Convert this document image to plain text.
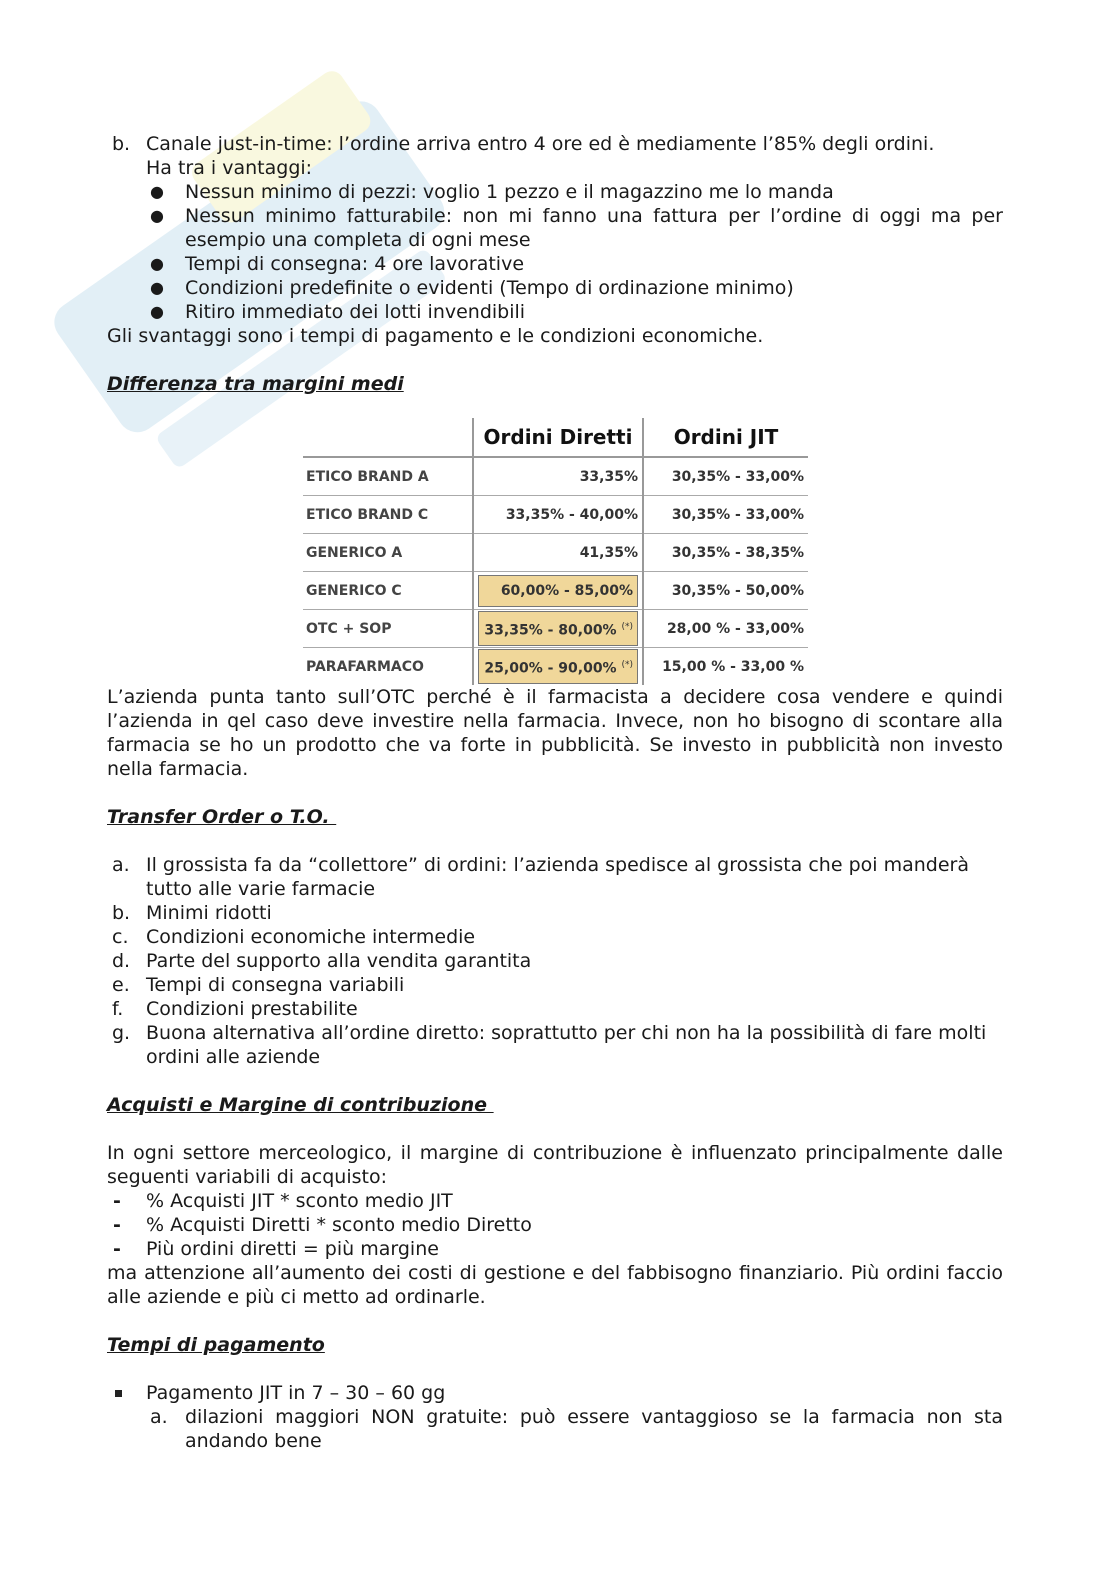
b. Canale just-in-time: l’ordine arriva entro 4 ore ed è mediamente l’85% degli ordini.
Ha tra i vantaggi:
● Nessun minimo di pezzi: voglio 1 pezzo e il magazzino me lo manda
● Nessun minimo fatturabile: non mi fanno una fattura per l’ordine di oggi ma per esempio una completa di ogni mese
● Tempi di consegna: 4 ore lavorative
● Condizioni predefinite o evidenti (Tempo di ordinazione minimo)
● Ritiro immediato dei lotti invendibili
Gli svantaggi sono i tempi di pagamento e le condizioni economiche.
Differenza tra margini medi
	Ordini Diretti	Ordini JIT
ETICO BRAND A	33,35%	30,35% - 33,00%

ETICO BRAND C	33,35% - 40,00%	30,35% - 33,00%

GENERICO A	41,35%	30,35% - 38,35%

GENERICO C	60,00% - 85,00%	30,35% - 50,00%

OTC + SOP	33,35% - 80,00% (*)	28,00 % - 33,00%

PARAFARMACO	25,00% - 90,00% (*)	15,00 % - 33,00 %
L’azienda punta tanto sull’OTC perché è il farmacista a decidere cosa vendere e quindi l’azienda in qel caso deve investire nella farmacia. Invece, non ho bisogno di scontare alla farmacia se ho un prodotto che va forte in pubblicità. Se investo in pubblicità non investo nella farmacia.
Transfer Order o T.O.
a. Il grossista fa da “collettore” di ordini: l’azienda spedisce al grossista che poi manderà tutto alle varie farmacie
b. Minimi ridotti
c. Condizioni economiche intermedie
d. Parte del supporto alla vendita garantita
e. Tempi di consegna variabili
f. Condizioni prestabilite
g. Buona alternativa all’ordine diretto: soprattutto per chi non ha la possibilità di fare molti ordini alle aziende
Acquisti e Margine di contribuzione
In ogni settore merceologico, il margine di contribuzione è influenzato principalmente dalle seguenti variabili di acquisto:
- % Acquisti JIT * sconto medio JIT
- % Acquisti Diretti * sconto medio Diretto
- Più ordini diretti = più margine
ma attenzione all’aumento dei costi di gestione e del fabbisogno finanziario. Più ordini faccio alle aziende e più ci metto ad ordinarle.
Tempi di pagamento
Pagamento JIT in 7 – 30 – 60 gg
a. dilazioni maggiori NON gratuite: può essere vantaggioso se la farmacia non sta andando bene
